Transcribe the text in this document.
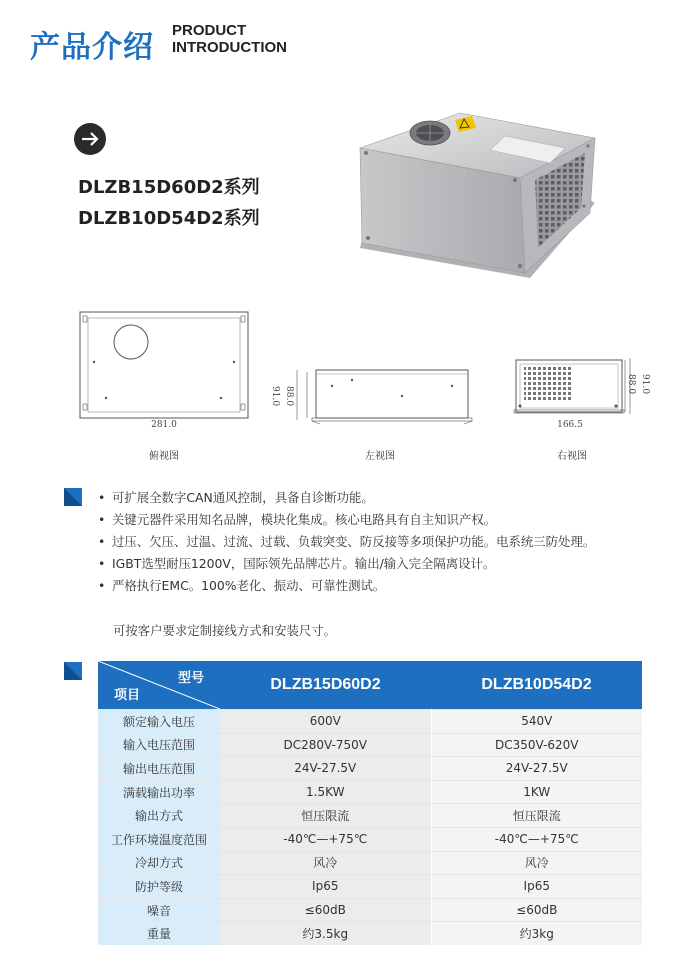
产品介绍 PRODUCT
INTRODUCTION
DLZB15D60D2系列
DLZB10D54D2系列
281.0
俯视图
91.0 88.0
左视图
166.5
88.0 91.0
右视图
• 可扩展全数字CAN通风控制，具备自诊断功能。
• 关键元器件采用知名品牌，模块化集成。核心电路具有自主知识产权。
• 过压、欠压、过温、过流、过载、负载突变、防反接等多项保护功能。电系统三防处理。
• IGBT选型耐压1200V，国际领先品牌芯片。输出/输入完全隔离设计。
• 严格执行EMC。100%老化、振动、可靠性测试。
可按客户要求定制接线方式和安装尺寸。
型号
项目	DLZB15D60D2	DLZB10D54D2
额定输入电压	600V	540V
输入电压范围	DC280V-750V	DC350V-620V
输出电压范围	24V-27.5V	24V-27.5V
满载输出功率	1.5KW	1KW
输出方式	恒压限流	恒压限流
工作环境温度范围	-40℃—+75℃	-40℃—+75℃
冷却方式	风冷	风冷
防护等级	Ip65	Ip65
噪音	≤60dB	≤60dB
重量	约3.5kg	约3kg
